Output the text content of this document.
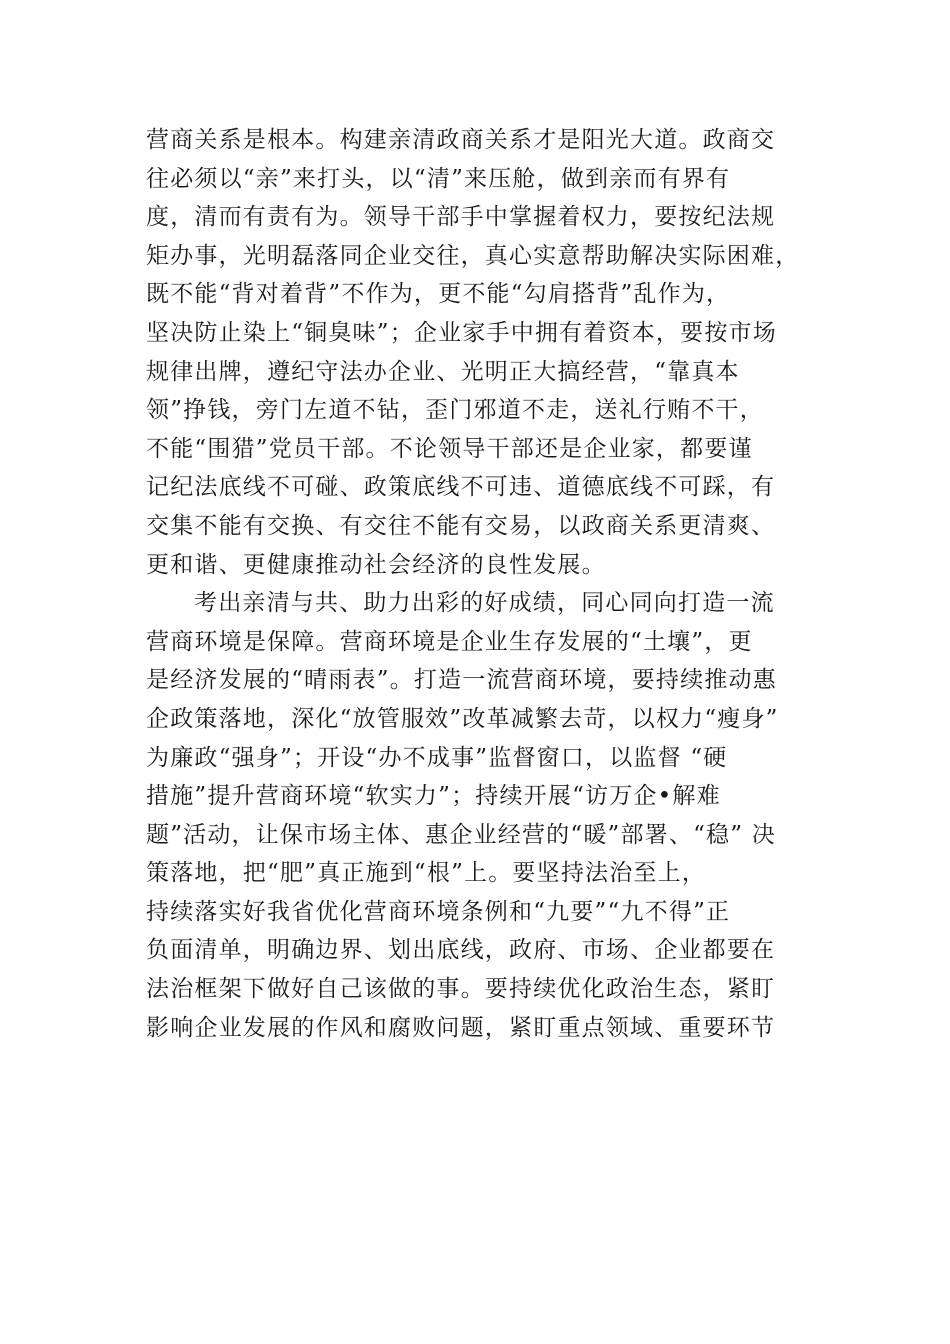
营商关系是根本。构建亲清政商关系才是阳光大道。政商交
往必须以“亲”来打头，以“清”来压舱，做到亲而有界有
度，清而有责有为。领导干部手中掌握着权力，要按纪法规
矩办事，光明磊落同企业交往，真心实意帮助解决实际困难，
既不能“背对着背”不作为，更不能“勾肩搭背”乱作为，
坚决防止染上“铜臭味”；企业家手中拥有着资本，要按市场
规律出牌，遵纪守法办企业、光明正大搞经营，“靠真本
领”挣钱，旁门左道不钻，歪门邪道不走，送礼行贿不干，
不能“围猎”党员干部。不论领导干部还是企业家，都要谨
记纪法底线不可碰、政策底线不可违、道德底线不可踩，有
交集不能有交换、有交往不能有交易，以政商关系更清爽、
更和谐、更健康推动社会经济的良性发展。
考出亲清与共、助力出彩的好成绩，同心同向打造一流
营商环境是保障。营商环境是企业生存发展的“土壤”，更
是经济发展的“晴雨表”。打造一流营商环境，要持续推动惠
企政策落地，深化“放管服效”改革减繁去苛，以权力“瘦身”
为廉政“强身”；开设“办不成事”监督窗口，以监督 “硬
措施”提升营商环境“软实力”；持续开展“访万企•解难
题”活动，让保市场主体、惠企业经营的“暖”部署、“稳” 决
策落地，把“肥”真正施到“根”上。要坚持法治至上，
持续落实好我省优化营商环境条例和“九要”“九不得”正
负面清单，明确边界、划出底线，政府、市场、企业都要在
法治框架下做好自己该做的事。要持续优化政治生态，紧盯
影响企业发展的作风和腐败问题，紧盯重点领域、重要环节
